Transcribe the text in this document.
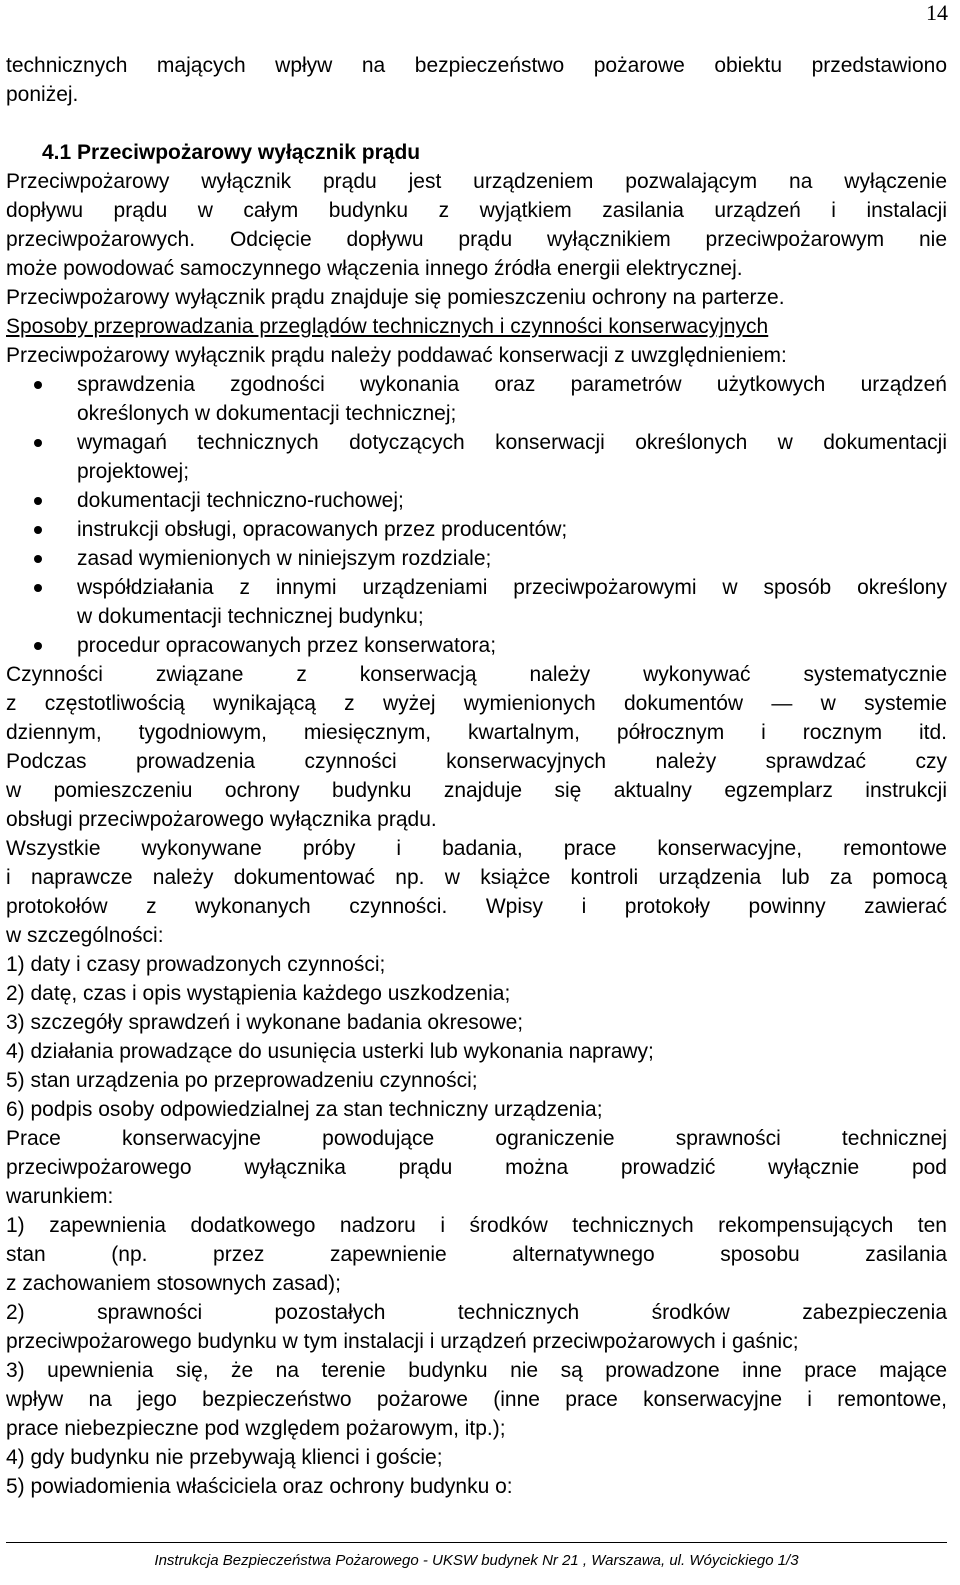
14

technicznych mających wpływ na bezpieczeństwo pożarowe obiektu przedstawiono

poniżej.

4.1 Przeciwpożarowy wyłącznik prądu

Przeciwpożarowy wyłącznik prądu jest urządzeniem pozwalającym na wyłączenie

dopływu prądu w całym budynku z wyjątkiem zasilania urządzeń i instalacji

przeciwpożarowych. Odcięcie dopływu prądu wyłącznikiem przeciwpożarowym nie

może powodować samoczynnego włączenia innego źródła energii elektrycznej.

Przeciwpożarowy wyłącznik prądu znajduje się pomieszczeniu ochrony na parterze.

Sposoby przeprowadzania przeglądów technicznych i czynności konserwacyjnych

Przeciwpożarowy wyłącznik prądu należy poddawać konserwacji z uwzględnieniem:

sprawdzenia zgodności wykonania oraz parametrów użytkowych urządzeń
określonych w dokumentacji technicznej;
wymagań technicznych dotyczących konserwacji określonych w dokumentacji
projektowej;
dokumentacji techniczno-ruchowej;
instrukcji obsługi, opracowanych przez producentów;
zasad wymienionych w niniejszym rozdziale;
współdziałania z innymi urządzeniami przeciwpożarowymi w sposób określony
w dokumentacji technicznej budynku;
procedur opracowanych przez konserwatora;

Czynności związane z konserwacją należy wykonywać systematycznie

z częstotliwością wynikającą z wyżej wymienionych dokumentów — w systemie

dziennym, tygodniowym, miesięcznym, kwartalnym, półrocznym i rocznym itd.

Podczas prowadzenia czynności konserwacyjnych należy sprawdzać czy

w pomieszczeniu ochrony budynku znajduje się aktualny egzemplarz instrukcji

obsługi przeciwpożarowego wyłącznika prądu.

Wszystkie wykonywane próby i badania, prace konserwacyjne, remontowe

i naprawcze należy dokumentować np. w książce kontroli urządzenia lub za pomocą

protokołów z wykonanych czynności. Wpisy i protokoły powinny zawierać

w szczególności:

1) daty i czasy prowadzonych czynności;

2) datę, czas i opis wystąpienia każdego uszkodzenia;

3) szczegóły sprawdzeń i wykonane badania okresowe;

4) działania prowadzące do usunięcia usterki lub wykonania naprawy;

5) stan urządzenia po przeprowadzeniu czynności;

6) podpis osoby odpowiedzialnej za stan techniczny urządzenia;

Prace konserwacyjne powodujące ograniczenie sprawności technicznej

przeciwpożarowego wyłącznika prądu można prowadzić wyłącznie pod

warunkiem:

1) zapewnienia dodatkowego nadzoru i środków technicznych rekompensujących ten

stan (np. przez zapewnienie alternatywnego sposobu zasilania

z zachowaniem stosownych zasad);

2) sprawności pozostałych technicznych środków zabezpieczenia

przeciwpożarowego budynku w tym instalacji i urządzeń przeciwpożarowych i gaśnic;

3) upewnienia się, że na terenie budynku nie są prowadzone inne prace mające

wpływ na jego bezpieczeństwo pożarowe (inne prace konserwacyjne i remontowe,

prace niebezpieczne pod względem pożarowym, itp.);

4) gdy budynku nie przebywają klienci i goście;

5) powiadomienia właściciela oraz ochrony budynku o:

Instrukcja Bezpieczeństwa Pożarowego - UKSW budynek Nr 21 , Warszawa, ul. Wóycickiego 1/3
